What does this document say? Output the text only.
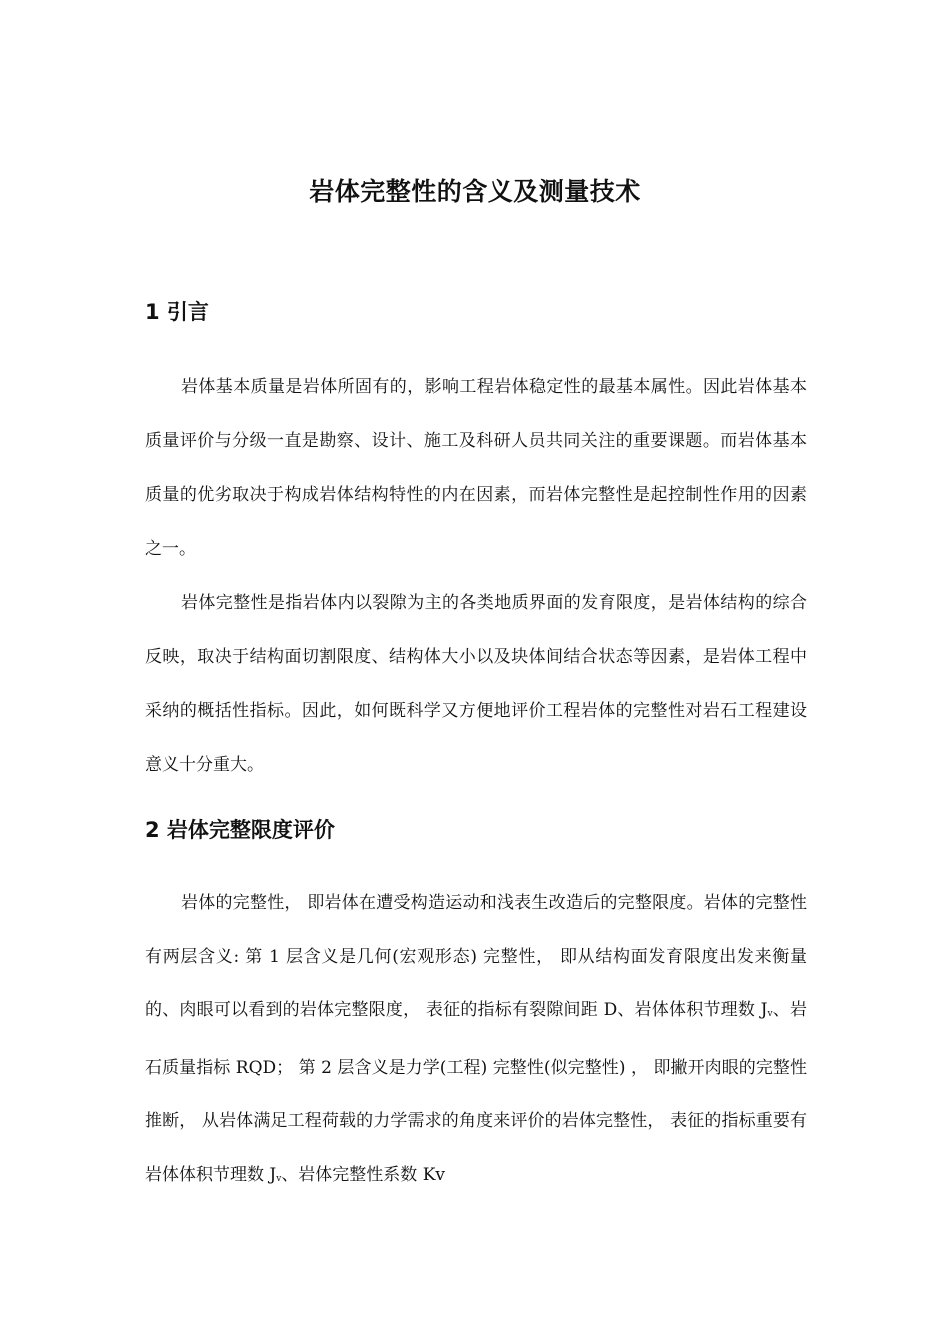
岩体完整性的含义及测量技术
1 引言

岩体基本质量是岩体所固有的，影响工程岩体稳定性的最基本属性。因此岩体基本质量评价与分级一直是勘察、设计、施工及科研人员共同关注的重要课题。而岩体基本质量的优劣取决于构成岩体结构特性的内在因素，而岩体完整性是起控制性作用的因素之一。

岩体完整性是指岩体内以裂隙为主的各类地质界面的发育限度，是岩体结构的综合反映，取决于结构面切割限度、结构体大小以及块体间结合状态等因素，是岩体工程中采纳的概括性指标。因此，如何既科学又方便地评价工程岩体的完整性对岩石工程建设意义十分重大。

2 岩体完整限度评价

岩体的完整性， 即岩体在遭受构造运动和浅表生改造后的完整限度。岩体的完整性有两层含义: 第 1 层含义是几何(宏观形态) 完整性， 即从结构面发育限度出发来衡量的、肉眼可以看到的岩体完整限度， 表征的指标有裂隙间距 D、岩体体积节理数 Jv、岩石质量指标 RQD； 第 2 层含义是力学(工程) 完整性(似完整性) ， 即撇开肉眼的完整性推断， 从岩体满足工程荷载的力学需求的角度来评价的岩体完整性， 表征的指标重要有岩体体积节理数 Jv、岩体完整性系数 Kv
